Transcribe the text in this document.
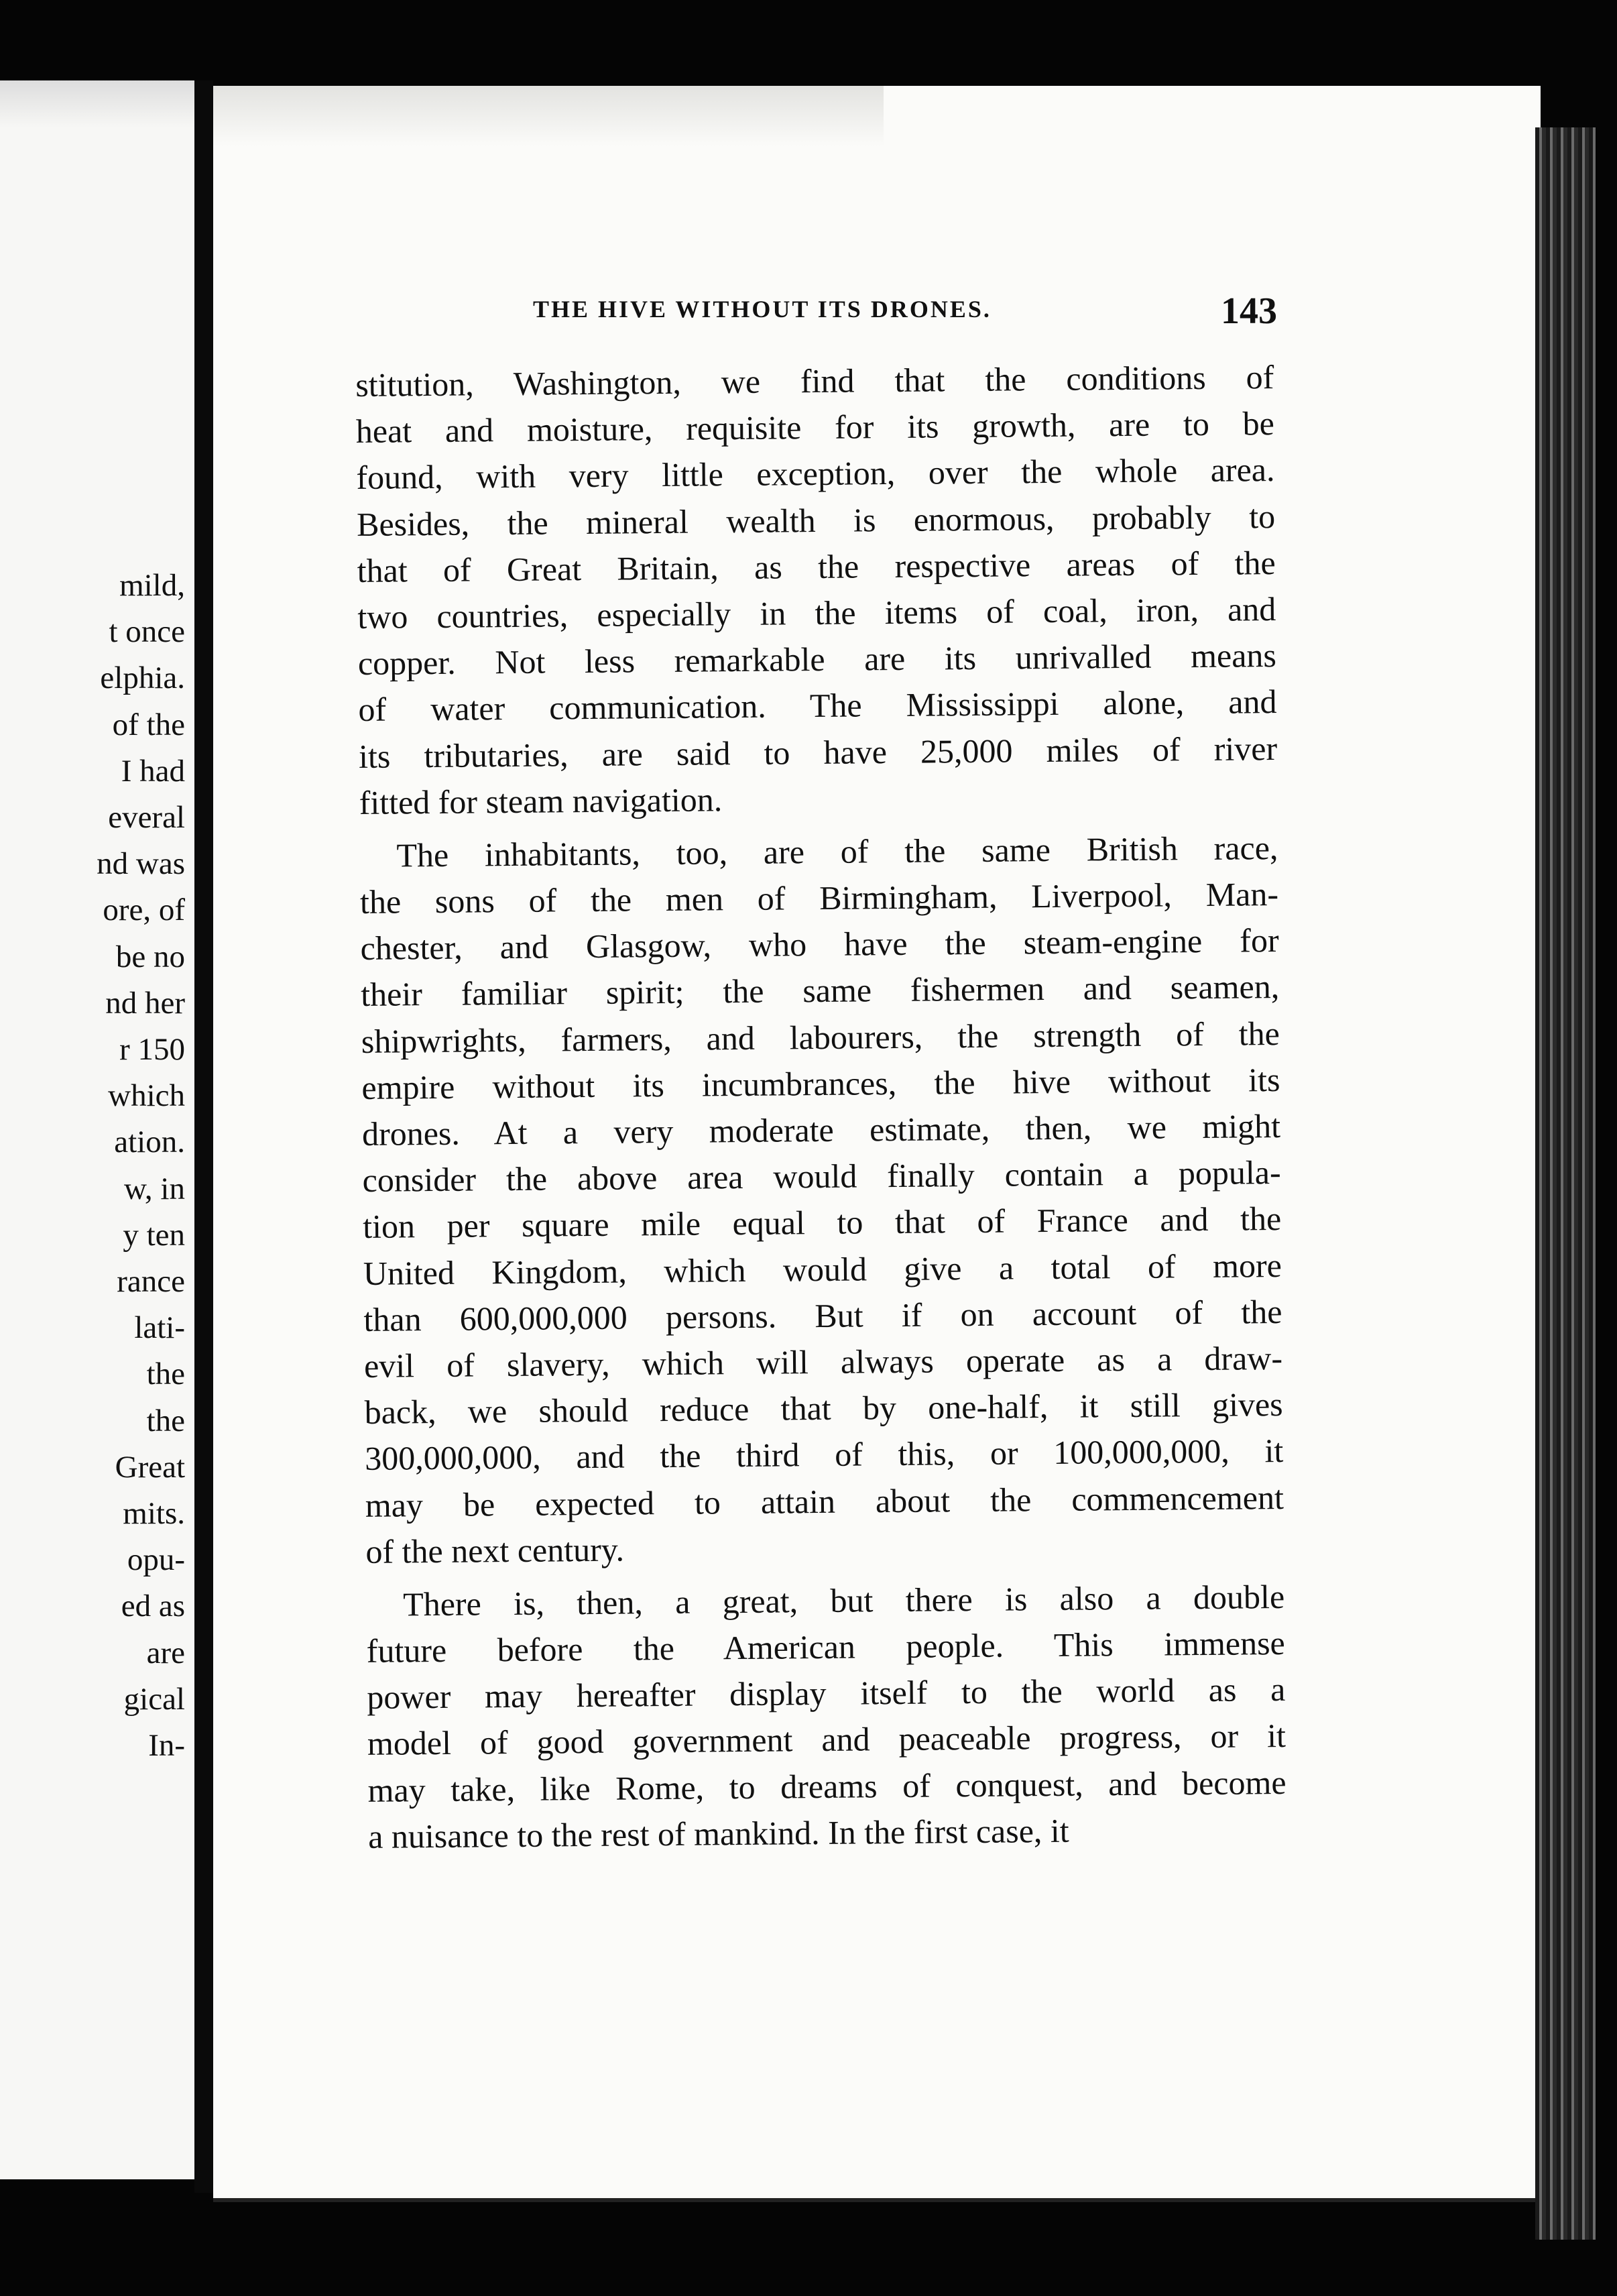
mild,

t once

elphia.

of the

I had

everal

nd was

ore, of

be no

nd her

r 150

which

ation.

w, in

y ten

rance

lati-

the

the

Great

mits.

opu-

ed as

are

gical

In-

THE HIVE WITHOUT ITS DRONES.	143

stitution, Washington, we find that the conditions of
heat and moisture, requisite for its growth, are to be
found, with very little exception, over the whole area.
Besides, the mineral wealth is enormous, probably to
that of Great Britain, as the respective areas of the
two countries, especially in the items of coal, iron, and
copper. Not less remarkable are its unrivalled means
of water communication. The Mississippi alone, and
its tributaries, are said to have 25,000 miles of river
fitted for steam navigation.
The inhabitants, too, are of the same British race,
the sons of the men of Birmingham, Liverpool, Man-
chester, and Glasgow, who have the steam-engine for
their familiar spirit; the same fishermen and seamen,
shipwrights, farmers, and labourers, the strength of the
empire without its incumbrances, the hive without its
drones. At a very moderate estimate, then, we might
consider the above area would finally contain a popula-
tion per square mile equal to that of France and the
United Kingdom, which would give a total of more
than 600,000,000 persons. But if on account of the
evil of slavery, which will always operate as a draw-
back, we should reduce that by one-half, it still gives
300,000,000, and the third of this, or 100,000,000, it
may be expected to attain about the commencement
of the next century.
There is, then, a great, but there is also a double
future before the American people. This immense
power may hereafter display itself to the world as a
model of good government and peaceable progress, or it
may take, like Rome, to dreams of conquest, and become
a nuisance to the rest of mankind. In the first case, it
